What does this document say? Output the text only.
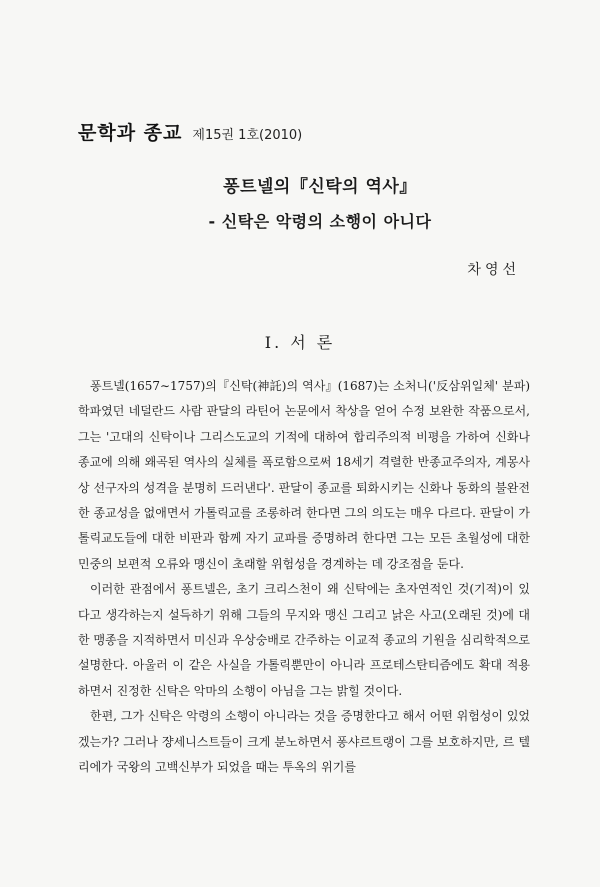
문학과 종교 제15권 1호(2010)
퐁트넬의『신탁의 역사』
- 신탁은 악령의 소행이 아니다
차영선
I. 서 론

퐁트넬(1657∼1757)의『신탁(神託)의 역사』(1687)는 소처니('反삼위일체' 분파)학파였던 네덜란드 사람 판달의 라틴어 논문에서 착상을 얻어 수정 보완한 작품으로서, 그는 '고대의 신탁이나 그리스도교의 기적에 대하여 합리주의적 비평을 가하여 신화나 종교에 의해 왜곡된 역사의 실체를 폭로함으로써 18세기 격렬한 반종교주의자, 계몽사상 선구자의 성격을 분명히 드러낸다'. 판달이 종교를 퇴화시키는 신화나 동화의 불완전한 종교성을 없애면서 가톨릭교를 조롱하려 한다면 그의 의도는 매우 다르다. 판달이 가톨릭교도들에 대한 비판과 함께 자기 교파를 증명하려 한다면 그는 모든 초월성에 대한 민중의 보편적 오류와 맹신이 초래할 위험성을 경계하는 데 강조점을 둔다.

이러한 관점에서 퐁트넬은, 초기 크리스천이 왜 신탁에는 초자연적인 것(기적)이 있다고 생각하는지 설득하기 위해 그들의 무지와 맹신 그리고 낡은 사고(오래된 것)에 대한 맹종을 지적하면서 미신과 우상숭배로 간주하는 이교적 종교의 기원을 심리학적으로 설명한다. 아울러 이 같은 사실을 가톨릭뿐만이 아니라 프로테스탄티즘에도 확대 적용하면서 진정한 신탁은 악마의 소행이 아님을 그는 밝힐 것이다.

한편, 그가 신탁은 악령의 소행이 아니라는 것을 증명한다고 해서 어떤 위험성이 있었겠는가? 그러나 쟝세니스트들이 크게 분노하면서 퐁샤르트랭이 그를 보호하지만, 르 텔리에가 국왕의 고백신부가 되었을 때는 투옥의 위기를
